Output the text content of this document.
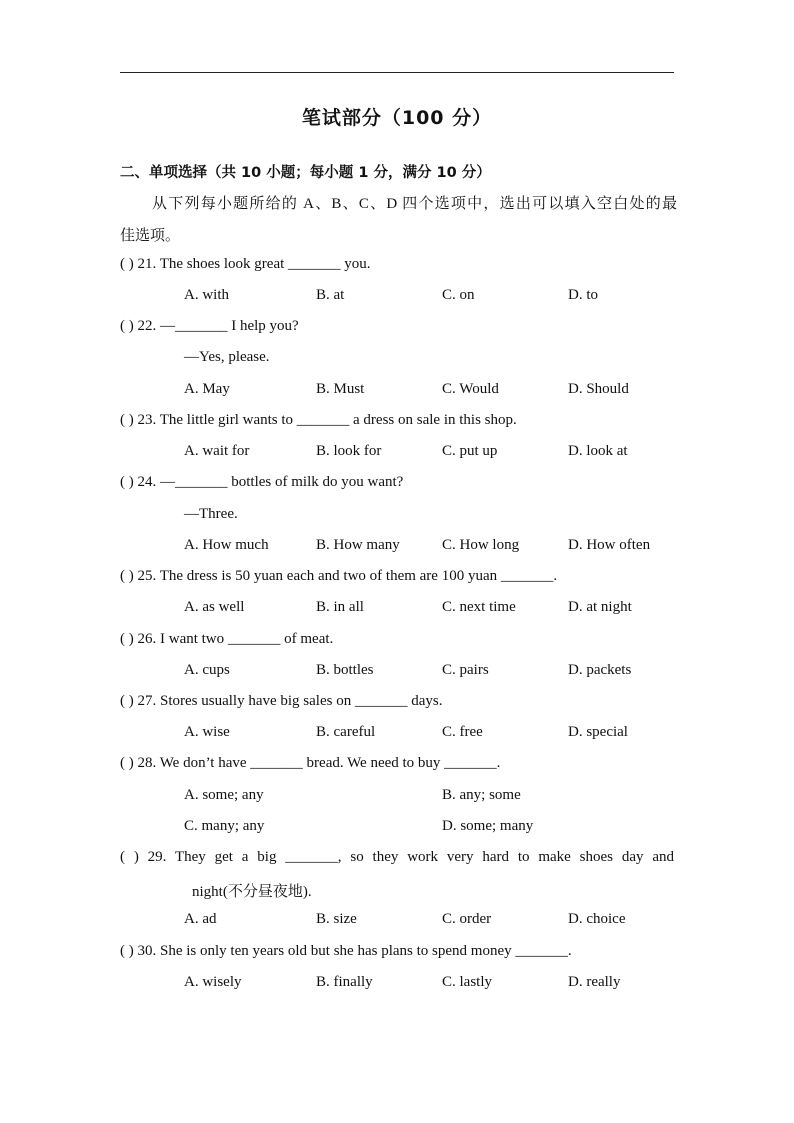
笔试部分（100 分）
二、单项选择（共 10 小题；每小题 1 分，满分 10 分）
从下列每小题所给的 A、B、C、D 四个选项中，选出可以填入空白处的最
佳选项。
( ) 21. The shoes look great _______ you.
A. with	B. at	C. on	D. to
( ) 22. —_______ I help you?
—Yes, please.
A. May	B. Must	C. Would	D. Should
( ) 23. The little girl wants to _______ a dress on sale in this shop.
A. wait for	B. look for	C. put up	D. look at
( ) 24. —_______ bottles of milk do you want?
—Three.
A. How much	B. How many	C. How long	D. How often
( ) 25. The dress is 50 yuan each and two of them are 100 yuan _______.
A. as well	B. in all	C. next time	D. at night
( ) 26. I want two _______ of meat.
A. cups	B. bottles	C. pairs	D. packets
( ) 27. Stores usually have big sales on _______ days.
A. wise	B. careful	C. free	D. special
( ) 28. We don’t have _______ bread. We need to buy _______.
A. some; any	B. any; some
C. many; any	D. some; many
( ) 29. They get a big _______, so they work very hard to make shoes day and
night(不分昼夜地).
A. ad	B. size	C. order	D. choice
( ) 30. She is only ten years old but she has plans to spend money _______.
A. wisely	B. finally	C. lastly	D. really
